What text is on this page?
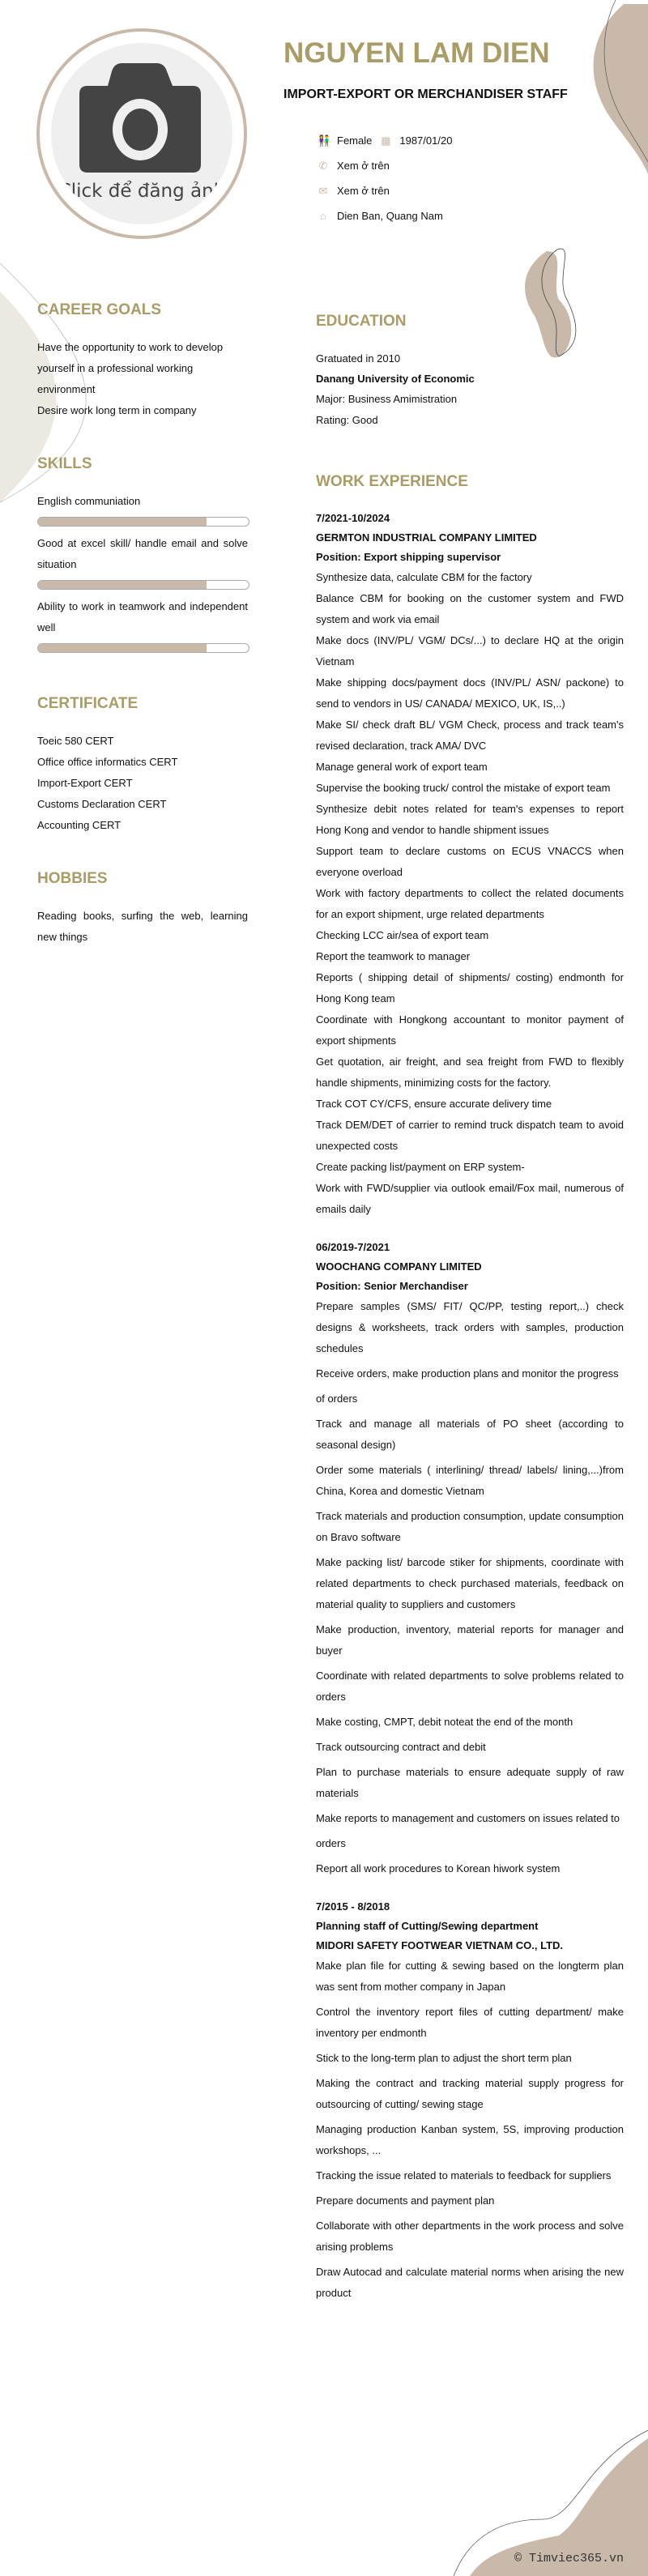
Click để đăng ảnh
NGUYEN LAM DIEN
IMPORT-EXPORT OR MERCHANDISER STAFF
👫 Female ▦ 1987/01/20
✆ Xem ở trên
✉ Xem ở trên
⌂ Dien Ban, Quang Nam
CAREER GOALS

Have the opportunity to work to develop yourself in a professional working environment

Desire work long term in company

SKILLS

English communiation

Good at excel skill/ handle email and solve situation

Ability to work in teamwork and independent well

CERTIFICATE

Toeic 580 CERT

Office office informatics CERT

Import-Export CERT

Customs Declaration CERT

Accounting CERT

HOBBIES

Reading books, surfing the web, learning new things

EDUCATION

Gratuated in 2010

Danang University of Economic

Major: Business Amimistration

Rating: Good

WORK EXPERIENCE

7/2021-10/2024

GERMTON INDUSTRIAL COMPANY LIMITED

Position: Export shipping supervisor

Synthesize data, calculate CBM for the factory

Balance CBM for booking on the customer system and FWD system and work via email

Make docs (INV/PL/ VGM/ DCs/...) to declare HQ at the origin Vietnam

Make shipping docs/payment docs (INV/PL/ ASN/ packone) to send to vendors in US/ CANADA/ MEXICO, UK, IS,..)

Make SI/ check draft BL/ VGM Check, process and track team's revised declaration, track AMA/ DVC

Manage general work of export team

Supervise the booking truck/ control the mistake of export team

Synthesize debit notes related for team's expenses to report Hong Kong and vendor to handle shipment issues

Support team to declare customs on ECUS VNACCS when everyone overload

Work with factory departments to collect the related documents for an export shipment, urge related departments

Checking LCC air/sea of export team

Report the teamwork to manager

Reports ( shipping detail of shipments/ costing) endmonth for Hong Kong team

Coordinate with Hongkong accountant to monitor payment of export shipments

Get quotation, air freight, and sea freight from FWD to flexibly handle shipments, minimizing costs for the factory.

Track COT CY/CFS, ensure accurate delivery time

Track DEM/DET of carrier to remind truck dispatch team to avoid unexpected costs

Create packing list/payment on ERP system-

Work with FWD/supplier via outlook email/Fox mail, numerous of emails daily

06/2019-7/2021

WOOCHANG COMPANY LIMITED

Position: Senior Merchandiser

Prepare samples (SMS/ FIT/ QC/PP, testing report,..) check designs & worksheets, track orders with samples, production schedules

Receive orders, make production plans and monitor the progress

of orders

Track and manage all materials of PO sheet (according to seasonal design)

Order some materials ( interlining/ thread/ labels/ lining,...)from China, Korea and domestic Vietnam

Track materials and production consumption, update consumption on Bravo software

Make packing list/ barcode stiker for shipments, coordinate with related departments to check purchased materials, feedback on material quality to suppliers and customers

Make production, inventory, material reports for manager and buyer

Coordinate with related departments to solve problems related to orders

Make costing, CMPT, debit noteat the end of the month

Track outsourcing contract and debit

Plan to purchase materials to ensure adequate supply of raw materials

Make reports to management and customers on issues related to

orders

Report all work procedures to Korean hiwork system

7/2015 - 8/2018

Planning staff of Cutting/Sewing department

MIDORI SAFETY FOOTWEAR VIETNAM CO., LTD.

Make plan file for cutting & sewing based on the longterm plan was sent from mother company in Japan

Control the inventory report files of cutting department/ make inventory per endmonth

Stick to the long-term plan to adjust the short term plan

Making the contract and tracking material supply progress for outsourcing of cutting/ sewing stage

Managing production Kanban system, 5S, improving production workshops, ...

Tracking the issue related to materials to feedback for suppliers

Prepare documents and payment plan

Collaborate with other departments in the work process and solve arising problems

Draw Autocad and calculate material norms when arising the new product

© Timviec365.vn
